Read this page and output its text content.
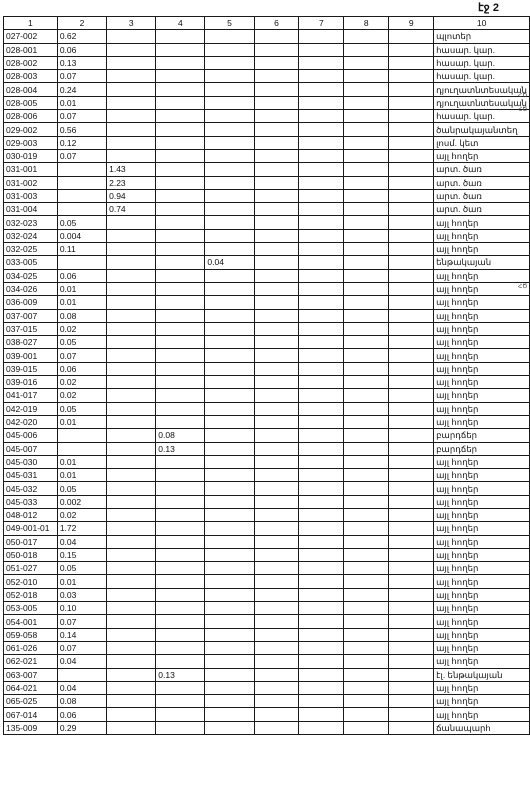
էջ 2
1	2	3	4	5	6	7	8	9	10
027-002	0.62								պլոտեր
028-001	0.06								հասար. կար.
028-002	0.13								հասար. կար.
028-003	0.07								հասար. կար.
028-004	0.24								դյուղատնտեսական
028-005	0.01								դյուղատնտեսական
028-006	0.07								հասար. կար.
029-002	0.56								ծանրակայանտեղ
029-003	0.12								լոսմ. կետ
030-019	0.07								այլ հողեր
031-001		1.43							արտ. ծառ
031-002		2.23							արտ. ծառ
031-003		0.94							արտ. ծառ
031-004		0.74							արտ. ծառ
032-023	0.05								այլ հողեր
032-024	0.004								այլ հողեր
032-025	0.11								այլ հողեր
033-005				0.04					ենթակայան
034-025	0.06								այլ հողեր
034-026	0.01								այլ հողեր
036-009	0.01								այլ հողեր
037-007	0.08								այլ հողեր
037-015	0.02								այլ հողեր
038-027	0.05								այլ հողեր
039-001	0.07								այլ հողեր
039-015	0.06								այլ հողեր
039-016	0.02								այլ հողեր
041-017	0.02								այլ հողեր
042-019	0.05								այլ հողեր
042-020	0.01								այլ հողեր
045-006			0.08						բարդճեր
045-007			0.13						բարդճեր
045-030	0.01								այլ հողեր
045-031	0.01								այլ հողեր
045-032	0.05								այլ հողեր
045-033	0.002								այլ հողեր
048-012	0.02								այլ հողեր
049-001-01	1.72								այլ հողեր
050-017	0.04								այլ հողեր
050-018	0.15								այլ հողեր
051-027	0.05								այլ հողեր
052-010	0.01								այլ հողեր
052-018	0.03								այլ հողեր
053-005	0.10								այլ հողեր
054-001	0.07								այլ հողեր
059-058	0.14								այլ հողեր
061-026	0.07								այլ հողեր
062-021	0.04								այլ հողեր
063-007			0.13						էլ. ենթակայան
064-021	0.04								այլ հողեր
065-025	0.08								այլ հողեր
067-014	0.06								այլ հողեր
135-009	0.29								ճանապարհ
ՀԾ
ՀԾ
ՀԾ
